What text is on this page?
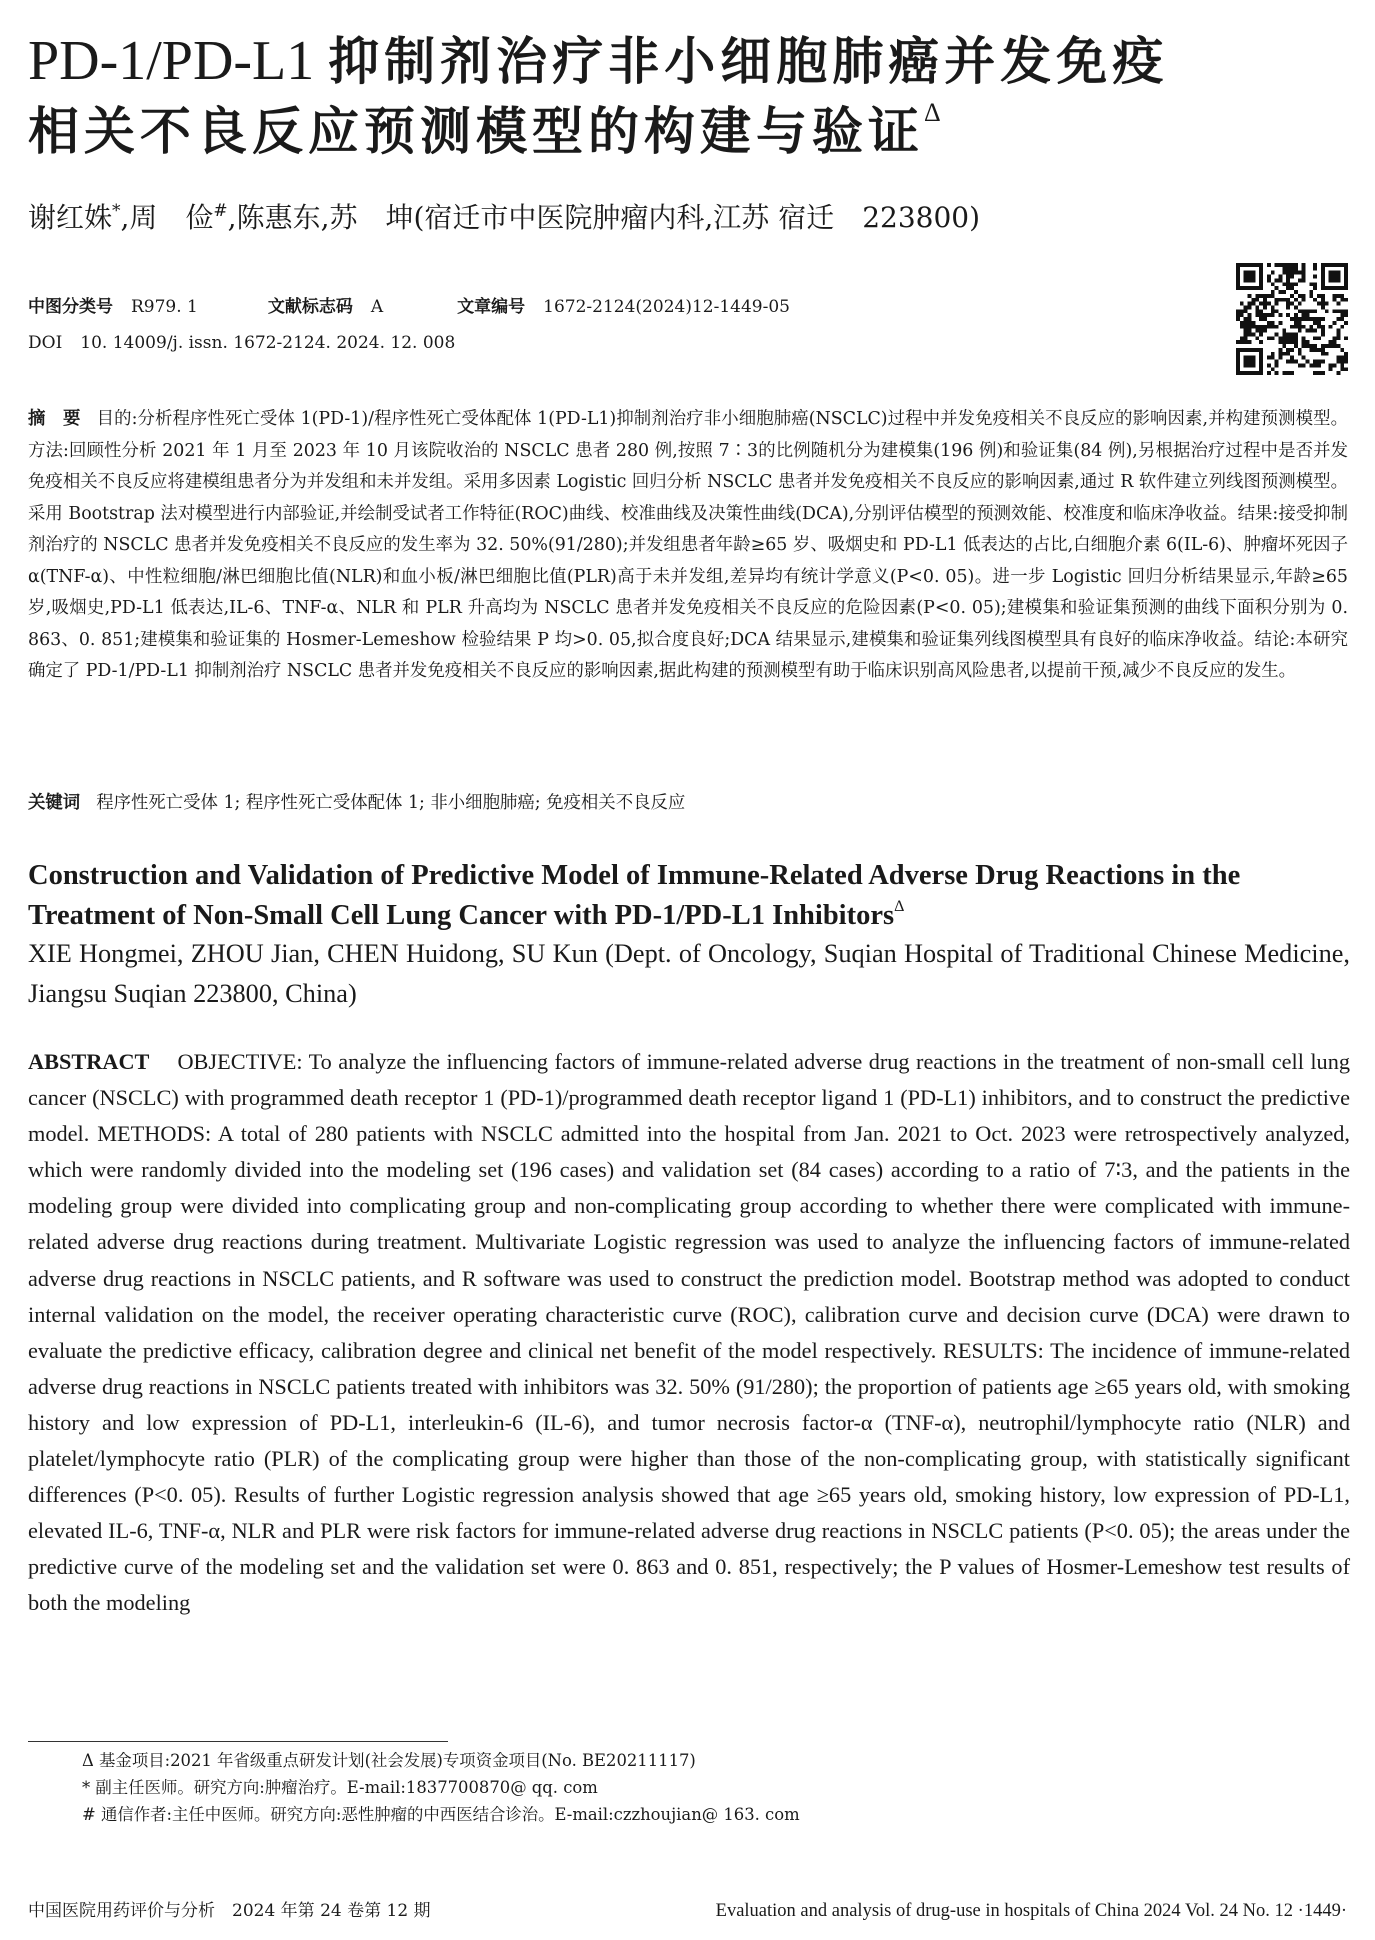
PD-1/PD-L1 抑制剂治疗非小细胞肺癌并发免疫
相关不良反应预测模型的构建与验证$^\Delta$

谢红姝*,周　俭#,陈惠东,苏　坤(宿迁市中医院肿瘤内科,江苏 宿迁　223800)

中图分类号 R979. 1	文献标志码 A	文章编号 1672-2124(2024)12-1449-05
DOI 10. 14009/j. issn. 1672-2124. 2024. 12. 008

摘　要 目的:分析程序性死亡受体 1(PD-1)/程序性死亡受体配体 1(PD-L1)抑制剂治疗非小细胞肺癌(NSCLC)过程中并发免疫相关不良反应的影响因素,并构建预测模型。方法:回顾性分析 2021 年 1 月至 2023 年 10 月该院收治的 NSCLC 患者 280 例,按照 7∶3的比例随机分为建模集(196 例)和验证集(84 例),另根据治疗过程中是否并发免疫相关不良反应将建模组患者分为并发组和未并发组。采用多因素 Logistic 回归分析 NSCLC 患者并发免疫相关不良反应的影响因素,通过 R 软件建立列线图预测模型。采用 Bootstrap 法对模型进行内部验证,并绘制受试者工作特征(ROC)曲线、校准曲线及决策性曲线(DCA),分别评估模型的预测效能、校准度和临床净收益。结果:接受抑制剂治疗的 NSCLC 患者并发免疫相关不良反应的发生率为 32. 50%(91/280);并发组患者年龄≥65 岁、吸烟史和 PD-L1 低表达的占比,白细胞介素 6(IL-6)、肿瘤坏死因子 α(TNF-α)、中性粒细胞/淋巴细胞比值(NLR)和血小板/淋巴细胞比值(PLR)高于未并发组,差异均有统计学意义(P<0. 05)。进一步 Logistic 回归分析结果显示,年龄≥65 岁,吸烟史,PD-L1 低表达,IL-6、TNF-α、NLR 和 PLR 升高均为 NSCLC 患者并发免疫相关不良反应的危险因素(P<0. 05);建模集和验证集预测的曲线下面积分别为 0. 863、0. 851;建模集和验证集的 Hosmer-Lemeshow 检验结果 P 均>0. 05,拟合度良好;DCA 结果显示,建模集和验证集列线图模型具有良好的临床净收益。结论:本研究确定了 PD-1/PD-L1 抑制剂治疗 NSCLC 患者并发免疫相关不良反应的影响因素,据此构建的预测模型有助于临床识别高风险患者,以提前干预,减少不良反应的发生。

关键词 程序性死亡受体 1; 程序性死亡受体配体 1; 非小细胞肺癌; 免疫相关不良反应

Construction and Validation of Predictive Model of Immune-Related Adverse Drug Reactions in the Treatment of Non-Small Cell Lung Cancer with PD-1/PD-L1 Inhibitors$^\Delta$

XIE Hongmei, ZHOU Jian, CHEN Huidong, SU Kun (Dept. of Oncology, Suqian Hospital of Traditional Chinese Medicine, Jiangsu Suqian 223800, China)

ABSTRACT OBJECTIVE: To analyze the influencing factors of immune-related adverse drug reactions in the treatment of non-small cell lung cancer (NSCLC) with programmed death receptor 1 (PD-1)/programmed death receptor ligand 1 (PD-L1) inhibitors, and to construct the predictive model. METHODS: A total of 280 patients with NSCLC admitted into the hospital from Jan. 2021 to Oct. 2023 were retrospectively analyzed, which were randomly divided into the modeling set (196 cases) and validation set (84 cases) according to a ratio of 7∶3, and the patients in the modeling group were divided into complicating group and non-complicating group according to whether there were complicated with immune-related adverse drug reactions during treatment. Multivariate Logistic regression was used to analyze the influencing factors of immune-related adverse drug reactions in NSCLC patients, and R software was used to construct the prediction model. Bootstrap method was adopted to conduct internal validation on the model, the receiver operating characteristic curve (ROC), calibration curve and decision curve (DCA) were drawn to evaluate the predictive efficacy, calibration degree and clinical net benefit of the model respectively. RESULTS: The incidence of immune-related adverse drug reactions in NSCLC patients treated with inhibitors was 32. 50% (91/280); the proportion of patients age ≥65 years old, with smoking history and low expression of PD-L1, interleukin-6 (IL-6), and tumor necrosis factor-α (TNF-α), neutrophil/lymphocyte ratio (NLR) and platelet/lymphocyte ratio (PLR) of the complicating group were higher than those of the non-complicating group, with statistically significant differences (P<0. 05). Results of further Logistic regression analysis showed that age ≥65 years old, smoking history, low expression of PD-L1, elevated IL-6, TNF-α, NLR and PLR were risk factors for immune-related adverse drug reactions in NSCLC patients (P<0. 05); the areas under the predictive curve of the modeling set and the validation set were 0. 863 and 0. 851, respectively; the P values of Hosmer-Lemeshow test results of both the modeling

Δ 基金项目:2021 年省级重点研发计划(社会发展)专项资金项目(No. BE20211117)
* 副主任医师。研究方向:肿瘤治疗。E-mail:1837700870@ qq. com
# 通信作者:主任中医师。研究方向:恶性肿瘤的中西医结合诊治。E-mail:czzhoujian@ 163. com

中国医院用药评价与分析　2024 年第 24 卷第 12 期	Evaluation and analysis of drug-use in hospitals of China 2024 Vol. 24 No. 12 ·1449·
